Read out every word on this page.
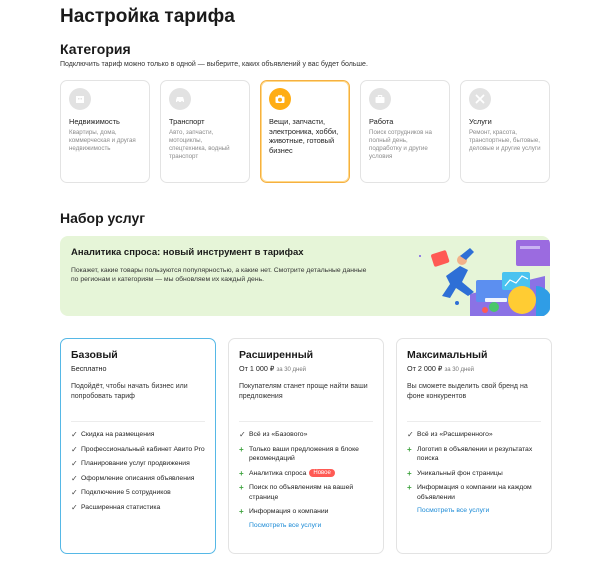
Настройка тарифа
Категория
Подключить тариф можно только в одной — выберите, каких объявлений у вас будет больше.
Недвижимость
Квартиры, дома, коммерческая и другая недвижимость
Транспорт
Авто, запчасти, мотоциклы, спецтехника, водный транспорт
Вещи, запчасти, электроника, хобби, животные, готовый бизнес
Работа
Поиск сотрудников на полный день, подработку и другие условия
Услуги
Ремонт, красота, транспортные, бытовые, деловые и другие услуги
Набор услуг
Аналитика спроса: новый инструмент в тарифах
Покажет, какие товары пользуются популярностью, а какие нет. Смотрите детальные данные по регионам и категориям — мы обновляем их каждый день.
Базовый
Бесплатно
Подойдёт, чтобы начать бизнес или попробовать тариф
✓ Скидка на размещения
✓ Профессиональный кабинет Авито Pro
✓ Планирование услуг продвижения
✓ Оформление описания объявления
✓ Подключение 5 сотрудников
✓ Расширенная статистика
Расширенный
От 1 000 ₽ за 30 дней
Покупателям станет проще найти ваши предложения
✓ Всё из «Базового»
+ Только ваши предложения в блоке рекомендаций
+ Аналитика спроса Новое
+ Поиск по объявлениям на вашей странице
+ Информация о компании
Посмотреть все услуги
Максимальный
От 2 000 ₽ за 30 дней
Вы сможете выделить свой бренд на фоне конкурентов
✓ Всё из «Расширенного»
+ Логотип в объявлении и результатах поиска
+ Уникальный фон страницы
+ Информация о компании на каждом объявлении
Посмотреть все услуги
